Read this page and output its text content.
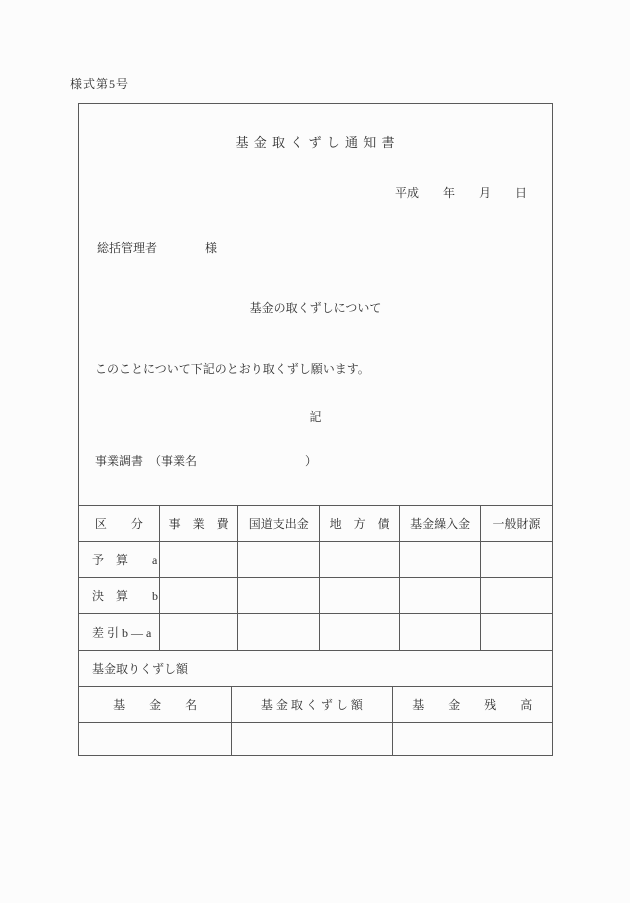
様式第5号
基 金 取 く ず し 通 知 書
平成　　年　　月　　日
総括管理者　　　　様
基金の取くずしについて
このことについて下記のとおり取くずし願います。
記
事業調書　（事業名　　　　　　　　　）
区　　分	事　業　費	国道支出金	地　方　債	基金繰入金	一般財源
予　算　　a
決　算　　b
差 引 b ― a
基金取りくずし額
基　　金　　名	基 金 取 く ず し 額	基　　金　　残　　高
